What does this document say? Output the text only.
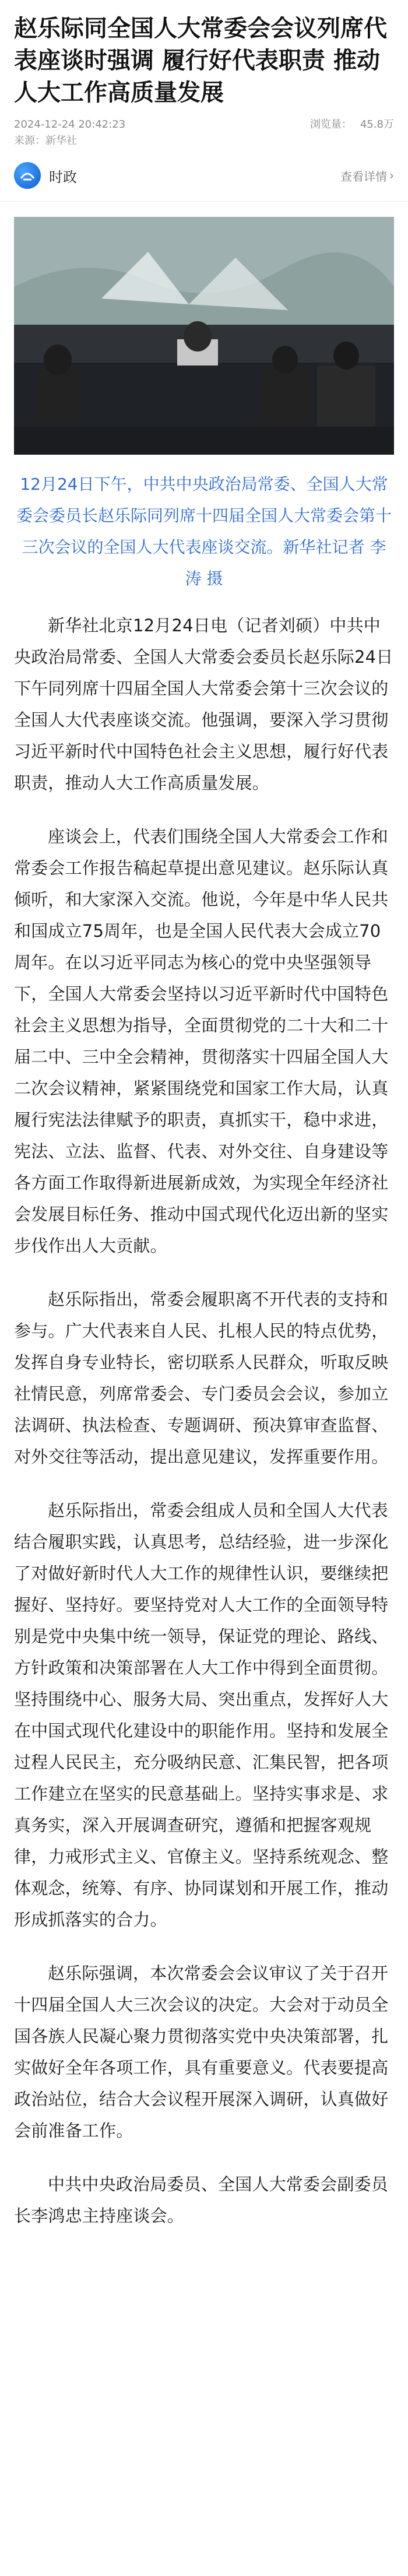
赵乐际同全国人大常委会会议列席代表座谈时强调 履行好代表职责 推动人大工作高质量发展
2024-12-24 20:42:23	浏览量： 45.8万
来源：新华社
时政	查看详情 ›
12月24日下午，中共中央政治局常委、全国人大常委会委员长赵乐际同列席十四届全国人大常委会第十三次会议的全国人大代表座谈交流。新华社记者 李涛 摄

新华社北京12月24日电（记者刘硕）中共中央政治局常委、全国人大常委会委员长赵乐际24日下午同列席十四届全国人大常委会第十三次会议的全国人大代表座谈交流。他强调，要深入学习贯彻习近平新时代中国特色社会主义思想，履行好代表职责，推动人大工作高质量发展。

座谈会上，代表们围绕全国人大常委会工作和常委会工作报告稿起草提出意见建议。赵乐际认真倾听，和大家深入交流。他说，今年是中华人民共和国成立75周年，也是全国人民代表大会成立70周年。在以习近平同志为核心的党中央坚强领导下，全国人大常委会坚持以习近平新时代中国特色社会主义思想为指导，全面贯彻党的二十大和二十届二中、三中全会精神，贯彻落实十四届全国人大二次会议精神，紧紧围绕党和国家工作大局，认真履行宪法法律赋予的职责，真抓实干，稳中求进，宪法、立法、监督、代表、对外交往、自身建设等各方面工作取得新进展新成效，为实现全年经济社会发展目标任务、推动中国式现代化迈出新的坚实步伐作出人大贡献。

赵乐际指出，常委会履职离不开代表的支持和参与。广大代表来自人民、扎根人民的特点优势，发挥自身专业特长，密切联系人民群众，听取反映社情民意，列席常委会、专门委员会会议，参加立法调研、执法检查、专题调研、预决算审查监督、对外交往等活动，提出意见建议，发挥重要作用。

赵乐际指出，常委会组成人员和全国人大代表结合履职实践，认真思考，总结经验，进一步深化了对做好新时代人大工作的规律性认识，要继续把握好、坚持好。要坚持党对人大工作的全面领导特别是党中央集中统一领导，保证党的理论、路线、方针政策和决策部署在人大工作中得到全面贯彻。坚持围绕中心、服务大局、突出重点，发挥好人大在中国式现代化建设中的职能作用。坚持和发展全过程人民民主，充分吸纳民意、汇集民智，把各项工作建立在坚实的民意基础上。坚持实事求是、求真务实，深入开展调查研究，遵循和把握客观规律，力戒形式主义、官僚主义。坚持系统观念、整体观念，统筹、有序、协同谋划和开展工作，推动形成抓落实的合力。

赵乐际强调，本次常委会会议审议了关于召开十四届全国人大三次会议的决定。大会对于动员全国各族人民凝心聚力贯彻落实党中央决策部署，扎实做好全年各项工作，具有重要意义。代表要提高政治站位，结合大会议程开展深入调研，认真做好会前准备工作。

中共中央政治局委员、全国人大常委会副委员长李鸿忠主持座谈会。
